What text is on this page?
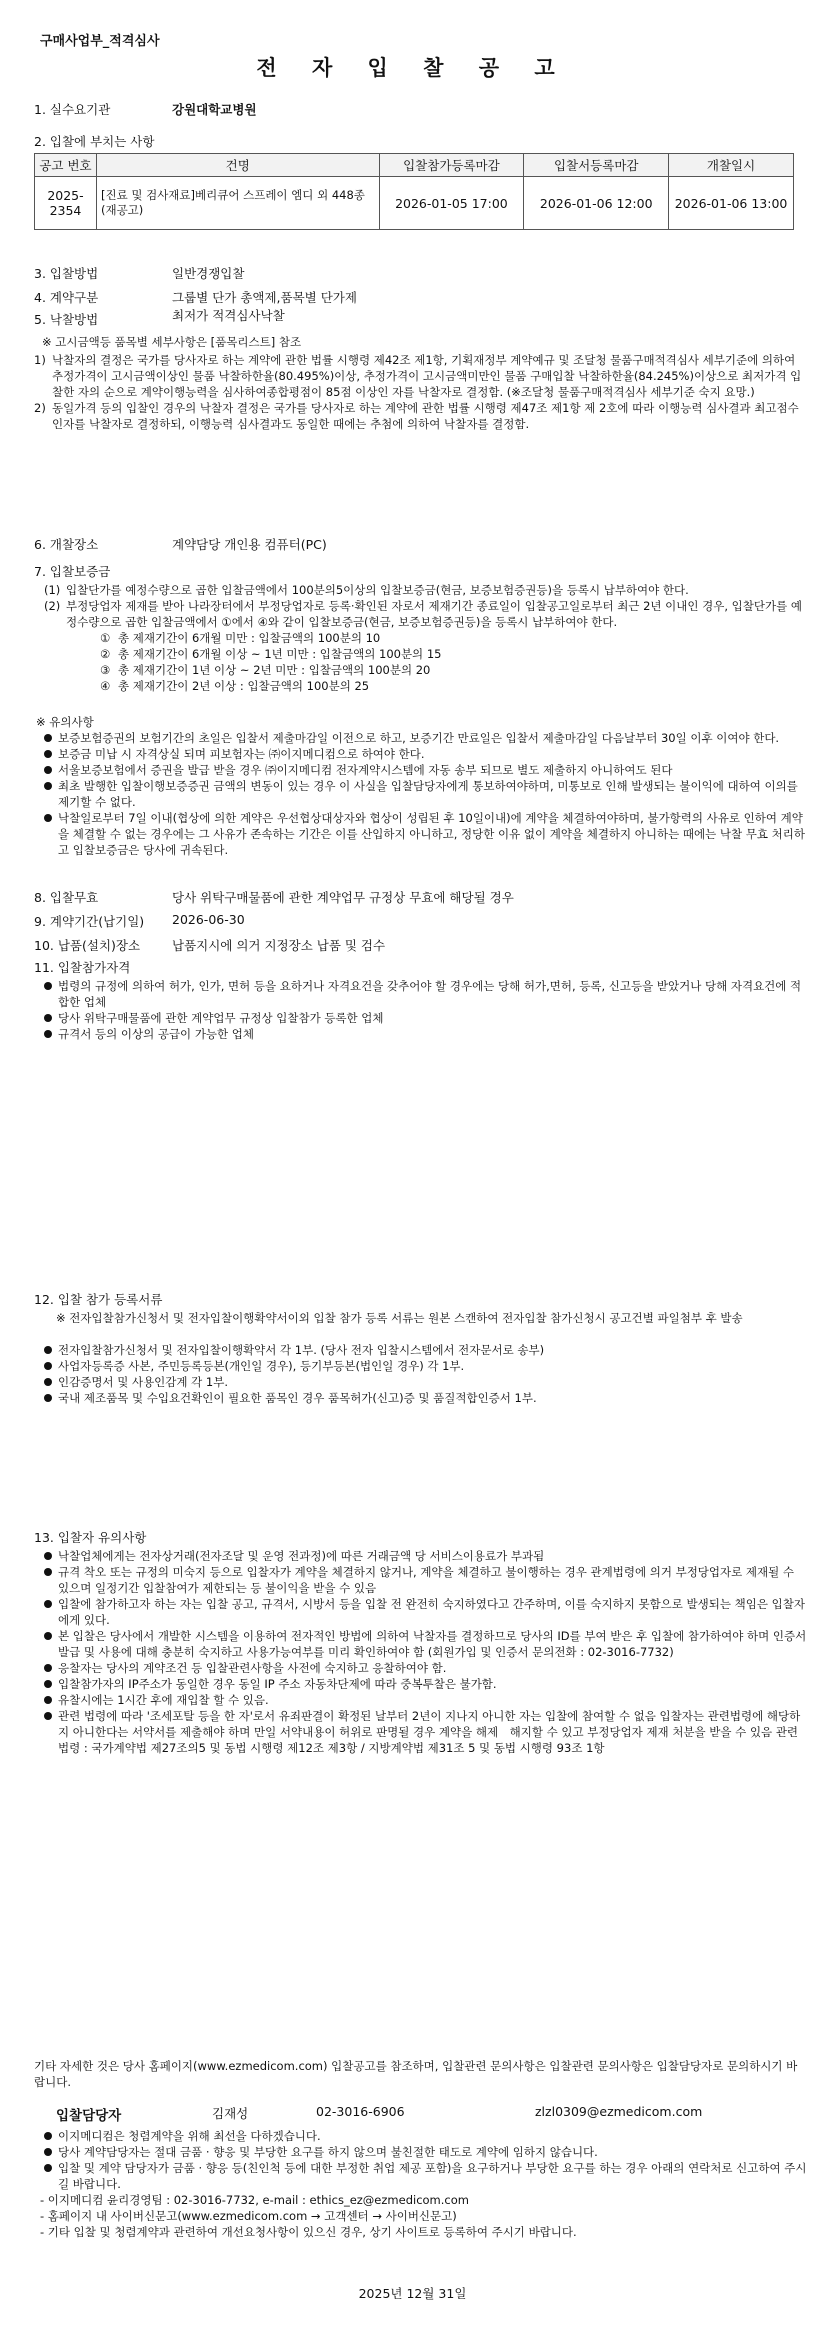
구매사업부_적격심사
전 자 입 찰 공 고
1. 실수요기관	강원대학교병원
2. 입찰에 부치는 사항
공고 번호	건명	입찰참가등록마감	입찰서등록마감	개찰일시
2025-2354	[진료 및 검사재료]베리큐어 스프레이 엠디 외 448종(재공고)	2026-01-05 17:00	2026-01-06 12:00	2026-01-06 13:00
3. 입찰방법	일반경쟁입찰
4. 계약구분	그룹별 단가 총액제,품목별 단가제
5. 낙찰방법	최저가 적격심사낙찰
※ 고시금액등 품목별 세부사항은 [품목리스트] 참조
1) 낙찰자의 결정은 국가를 당사자로 하는 계약에 관한 법률 시행령 제42조 제1항, 기획재정부 계약예규 및 조달청 물품구매적격심사 세부기준에 의하여 추정가격이 고시금액이상인 물품 낙찰하한율(80.495%)이상, 추정가격이 고시금액미만인 물품 구매입찰 낙찰하한율(84.245%)이상으로 최저가격 입찰한 자의 순으로 계약이행능력을 심사하여종합평점이 85점 이상인 자를 낙찰자로 결정함. (※조달청 물품구매적격심사 세부기준 숙지 요망.)
2) 동일가격 등의 입찰인 경우의 낙찰자 결정은 국가를 당사자로 하는 계약에 관한 법률 시행령 제47조 제1항 제 2호에 따라 이행능력 심사결과 최고점수인자를 낙찰자로 결정하되, 이행능력 심사결과도 동일한 때에는 추첨에 의하여 낙찰자를 결정함.
6. 개찰장소	계약담당 개인용 컴퓨터(PC)
7. 입찰보증금
(1) 입찰단가를 예정수량으로 곱한 입찰금액에서 100분의5이상의 입찰보증금(현금, 보증보험증권등)을 등록시 납부하여야 한다.
(2) 부정당업자 제재를 받아 나라장터에서 부정당업자로 등록·확인된 자로서 제재기간 종료일이 입찰공고일로부터 최근 2년 이내인 경우, 입찰단가를 예정수량으로 곱한 입찰금액에서 ①에서 ④와 같이 입찰보증금(현금, 보증보험증권등)을 등록시 납부하여야 한다.
① 총 제재기간이 6개월 미만 : 입찰금액의 100분의 10
② 총 제재기간이 6개월 이상 ~ 1년 미만 : 입찰금액의 100분의 15
③ 총 제재기간이 1년 이상 ~ 2년 미만 : 입찰금액의 100분의 20
④ 총 제재기간이 2년 이상 : 입찰금액의 100분의 25
※ 유의사항
보증보험증권의 보험기간의 초일은 입찰서 제출마감일 이전으로 하고, 보증기간 만료일은 입찰서 제출마감일 다음날부터 30일 이후 이여야 한다.
보증금 미납 시 자격상실 되며 피보험자는 ㈜이지메디컴으로 하여야 한다.
서울보증보험에서 증권을 발급 받을 경우 ㈜이지메디컴 전자계약시스템에 자동 송부 되므로 별도 제출하지 아니하여도 된다
최초 발행한 입찰이행보증증권 금액의 변동이 있는 경우 이 사실을 입찰담당자에게 통보하여야하며, 미통보로 인해 발생되는 불이익에 대하여 이의를 제기할 수 없다.
낙찰일로부터 7일 이내(협상에 의한 계약은 우선협상대상자와 협상이 성립된 후 10일이내)에 계약을 체결하여야하며, 불가항력의 사유로 인하여 계약을 체결할 수 없는 경우에는 그 사유가 존속하는 기간은 이를 산입하지 아니하고, 정당한 이유 없이 계약을 체결하지 아니하는 때에는 낙찰 무효 처리하고 입찰보증금은 당사에 귀속된다.
8. 입찰무효	당사 위탁구매물품에 관한 계약업무 규정상 무효에 해당될 경우
9. 계약기간(납기일) 2026-06-30
10. 납품(설치)장소	납품지시에 의거 지정장소 납품 및 검수
11. 입찰참가자격
법령의 규정에 의하여 허가, 인가, 면허 등을 요하거나 자격요건을 갖추어야 할 경우에는 당해 허가,면허, 등록, 신고등을 받았거나 당해 자격요건에 적합한 업체
당사 위탁구매물품에 관한 계약업무 규정상 입찰참가 등록한 업체
규격서 등의 이상의 공급이 가능한 업체
12. 입찰 참가 등록서류
※ 전자입찰참가신청서 및 전자입찰이행확약서이외 입찰 참가 등록 서류는 원본 스캔하여 전자입찰 참가신청시 공고건별 파일첨부 후 발송
전자입찰참가신청서 및 전자입찰이행확약서 각 1부. (당사 전자 입찰시스템에서 전자문서로 송부)
사업자등록증 사본, 주민등록등본(개인일 경우), 등기부등본(법인일 경우) 각 1부.
인감증명서 및 사용인감계 각 1부.
국내 제조품목 및 수입요건확인이 필요한 품목인 경우 품목허가(신고)증 및 품질적합인증서 1부.
13. 입찰자 유의사항
낙찰업체에게는 전자상거래(전자조달 및 운영 전과정)에 따른 거래금액 당 서비스이용료가 부과됨
규격 착오 또는 규정의 미숙지 등으로 입찰자가 계약을 체결하지 않거나, 계약을 체결하고 불이행하는 경우 관계법령에 의거 부정당업자로 제재될 수 있으며 일정기간 입찰참여가 제한되는 등 불이익을 받을 수 있음
입찰에 참가하고자 하는 자는 입찰 공고, 규격서, 시방서 등을 입찰 전 완전히 숙지하였다고 간주하며, 이를 숙지하지 못함으로 발생되는 책임은 입찰자에게 있다.
본 입찰은 당사에서 개발한 시스템을 이용하여 전자적인 방법에 의하여 낙찰자를 결정하므로 당사의 ID를 부여 받은 후 입찰에 참가하여야 하며 인증서 발급 및 사용에 대해 충분히 숙지하고 사용가능여부를 미리 확인하여야 함 (회원가입 및 인증서 문의전화 : 02-3016-7732)
응찰자는 당사의 계약조건 등 입찰관련사항을 사전에 숙지하고 응찰하여야 함.
입찰참가자의 IP주소가 동일한 경우 동일 IP 주소 자동차단제에 따라 중복투찰은 불가함.
유찰시에는 1시간 후에 재입찰 할 수 있음.
관련 법령에 따라 '조세포탈 등을 한 자'로서 유죄판결이 확정된 날부터 2년이 지나지 아니한 자는 입찰에 참여할 수 없음 입찰자는 관련법령에 해당하지 아니한다는 서약서를 제출해야 하며 만일 서약내용이 허위로 판명될 경우 계약을 해제　해지할 수 있고 부정당업자 제재 처분을 받을 수 있음 관련법령 : 국가계약법 제27조의5 및 동법 시행령 제12조 제3항 / 지방계약법 제31조 5 및 동법 시행령 93조 1항
기타 자세한 것은 당사 홈페이지(www.ezmedicom.com) 입찰공고를 참조하며, 입찰관련 문의사항은 입찰관련 문의사항은 입찰담당자로 문의하시기 바랍니다.
입찰담당자	김재성	02-3016-6906	zlzl0309@ezmedicom.com
이지메디컴은 청렴계약을 위해 최선을 다하겠습니다.
당사 계약담당자는 절대 금품 · 향응 및 부당한 요구를 하지 않으며 불친절한 태도로 계약에 임하지 않습니다.
입찰 및 계약 담당자가 금품 · 향응 등(친인척 등에 대한 부정한 취업 제공 포함)을 요구하거나 부당한 요구를 하는 경우 아래의 연락처로 신고하여 주시길 바랍니다.
- 이지메디컴 윤리경영팀 : 02-3016-7732, e-mail : ethics_ez@ezmedicom.com
- 홈페이지 내 사이버신문고(www.ezmedicom.com → 고객센터 → 사이버신문고)
- 기타 입찰 및 청렴계약과 관련하여 개선요청사항이 있으신 경우, 상기 사이트로 등록하여 주시기 바랍니다.
2025년 12월 31일
